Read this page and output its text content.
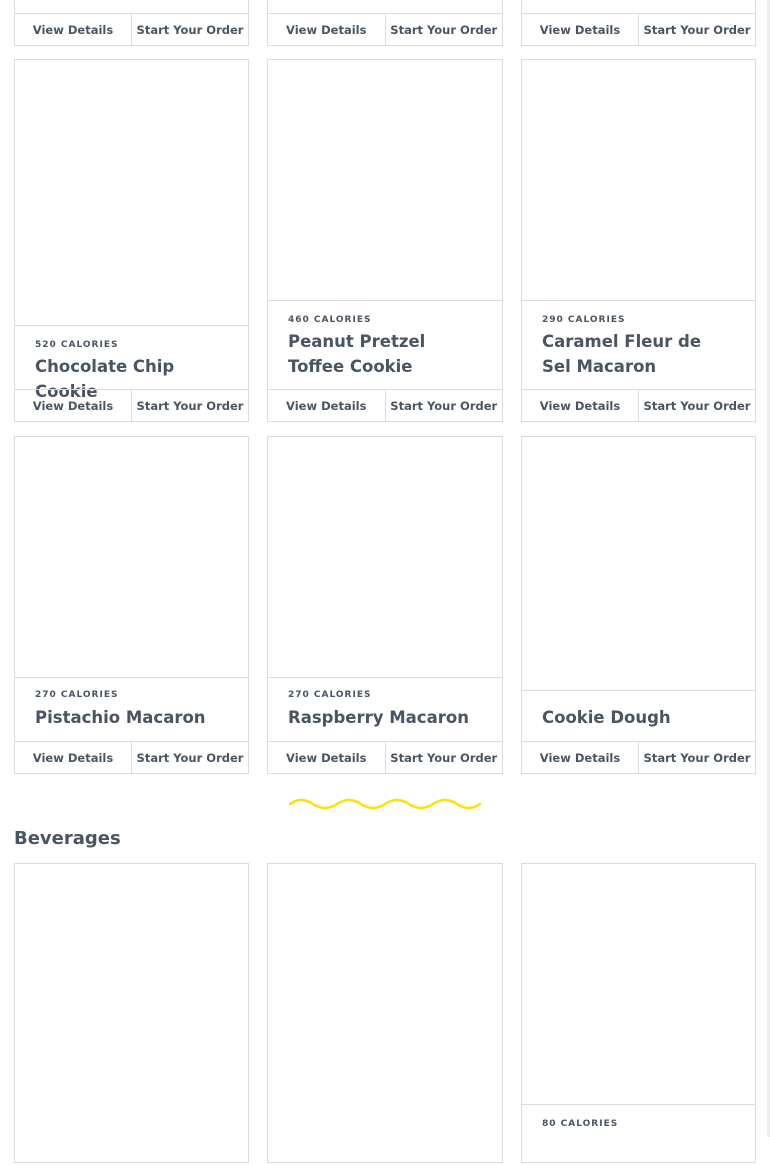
View Details	Start Your Order	View Details	Start Your Order	View Details	Start Your Order
520 CALORIES
Chocolate Chip Cookie
View Details	Start Your Order
460 CALORIES
Peanut Pretzel Toffee Cookie
View Details	Start Your Order
290 CALORIES
Caramel Fleur de Sel Macaron
View Details	Start Your Order
270 CALORIES
Pistachio Macaron
View Details	Start Your Order
270 CALORIES
Raspberry Macaron
View Details	Start Your Order
Cookie Dough
View Details	Start Your Order
Beverages
80 CALORIES
